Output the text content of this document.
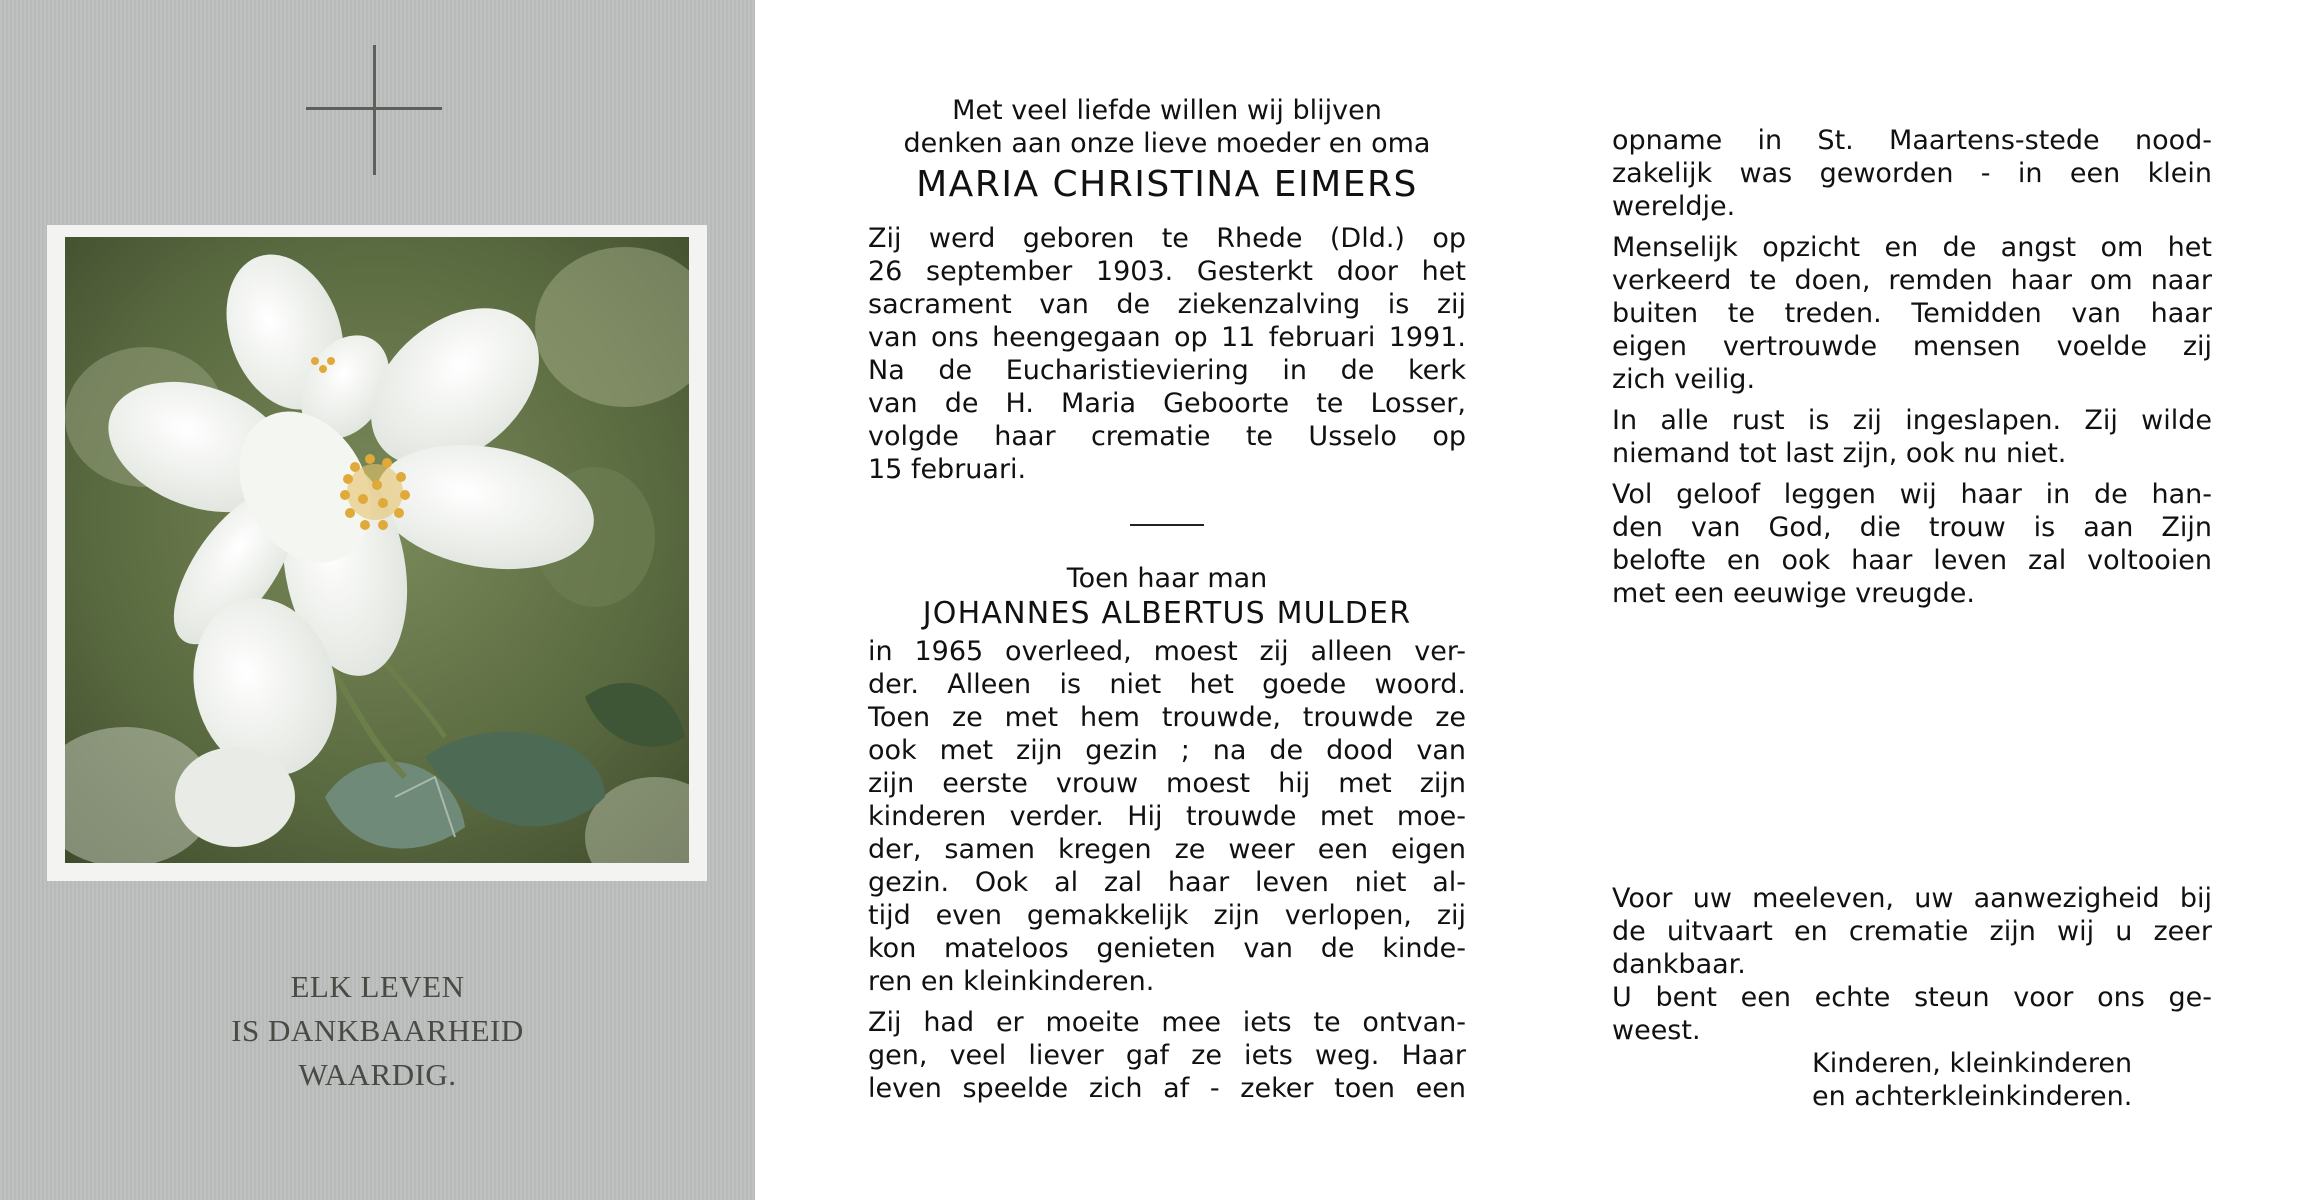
ELK LEVEN
IS DANKBAARHEID
WAARDIG.
Met veel liefde willen wij blijven
denken aan onze lieve moeder en oma
MARIA CHRISTINA EIMERS
Zij werd geboren te Rhede (Dld.) op
26 september 1903. Gesterkt door het
sacrament van de ziekenzalving is zij
van ons heengegaan op 11 februari 1991.
Na de Eucharistieviering in de kerk
van de H. Maria Geboorte te Losser,
volgde haar crematie te Usselo op
15 februari.
Toen haar man
JOHANNES ALBERTUS MULDER
in 1965 overleed, moest zij alleen ver-
der. Alleen is niet het goede woord.
Toen ze met hem trouwde, trouwde ze
ook met zijn gezin ; na de dood van
zijn eerste vrouw moest hij met zijn
kinderen verder. Hij trouwde met moe-
der, samen kregen ze weer een eigen
gezin. Ook al zal haar leven niet al-
tijd even gemakkelijk zijn verlopen, zij
kon mateloos genieten van de kinde-
ren en kleinkinderen.
Zij had er moeite mee iets te ontvan-
gen, veel liever gaf ze iets weg. Haar
leven speelde zich af - zeker toen een
opname in St. Maartens-stede nood-
zakelijk was geworden - in een klein
wereldje.
Menselijk opzicht en de angst om het
verkeerd te doen, remden haar om naar
buiten te treden. Temidden van haar
eigen vertrouwde mensen voelde zij
zich veilig.
In alle rust is zij ingeslapen. Zij wilde
niemand tot last zijn, ook nu niet.
Vol geloof leggen wij haar in de han-
den van God, die trouw is aan Zijn
belofte en ook haar leven zal voltooien
met een eeuwige vreugde.
Voor uw meeleven, uw aanwezigheid bij
de uitvaart en crematie zijn wij u zeer
dankbaar.
U bent een echte steun voor ons ge-
weest.
Kinderen, kleinkinderen
en achterkleinkinderen.
